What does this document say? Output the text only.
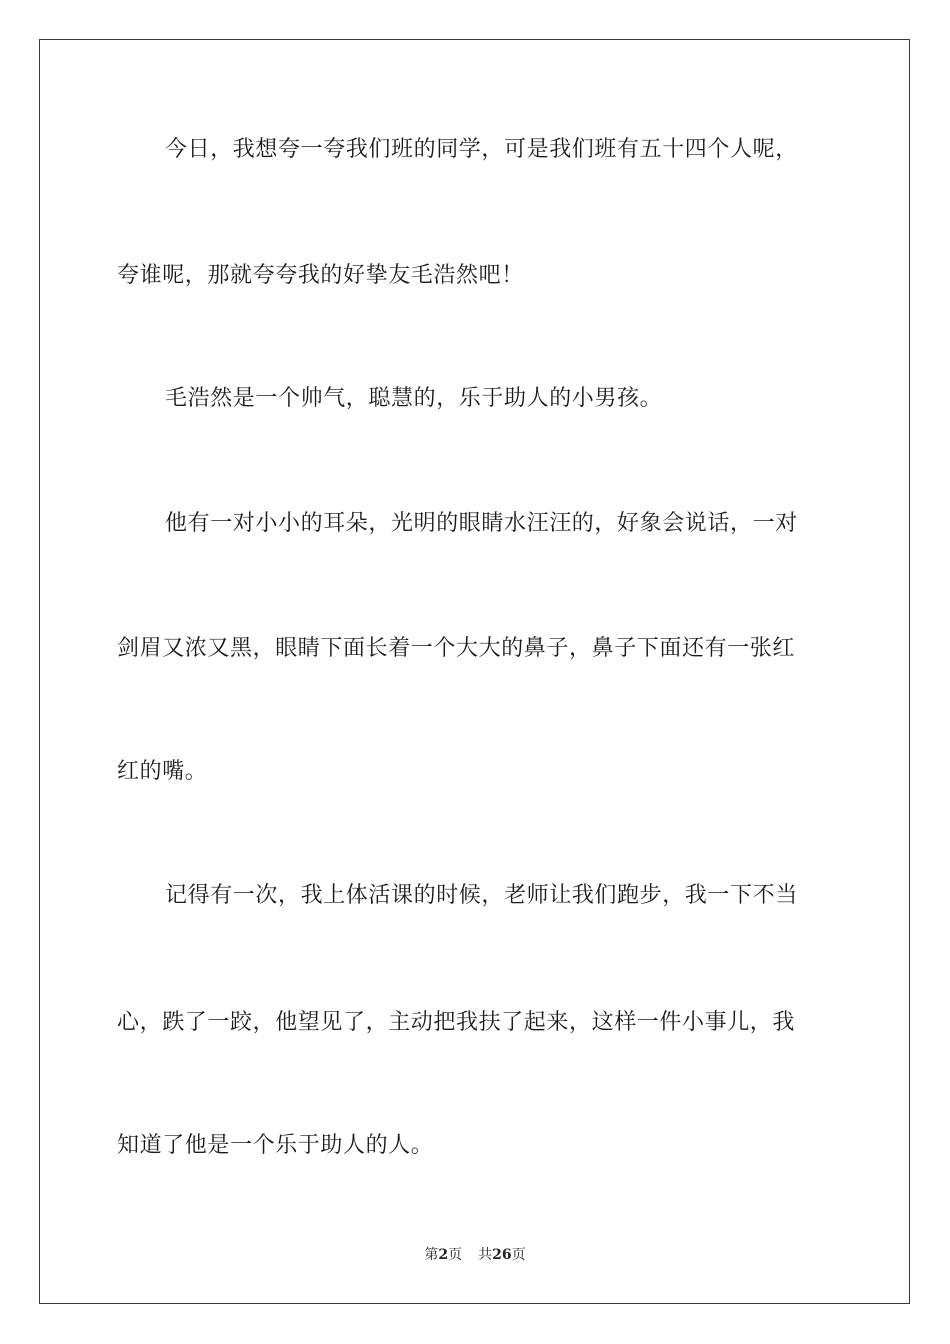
今日，我想夸一夸我们班的同学，可是我们班有五十四个人呢，
夸谁呢，那就夸夸我的好挚友毛浩然吧！
毛浩然是一个帅气，聪慧的，乐于助人的小男孩。
他有一对小小的耳朵，光明的眼睛水汪汪的，好象会说话，一对
剑眉又浓又黑，眼睛下面长着一个大大的鼻子，鼻子下面还有一张红
红的嘴。
记得有一次，我上体活课的时候，老师让我们跑步，我一下不当
心，跌了一跤，他望见了，主动把我扶了起来，这样一件小事儿，我
知道了他是一个乐于助人的人。
第2页 共26页
